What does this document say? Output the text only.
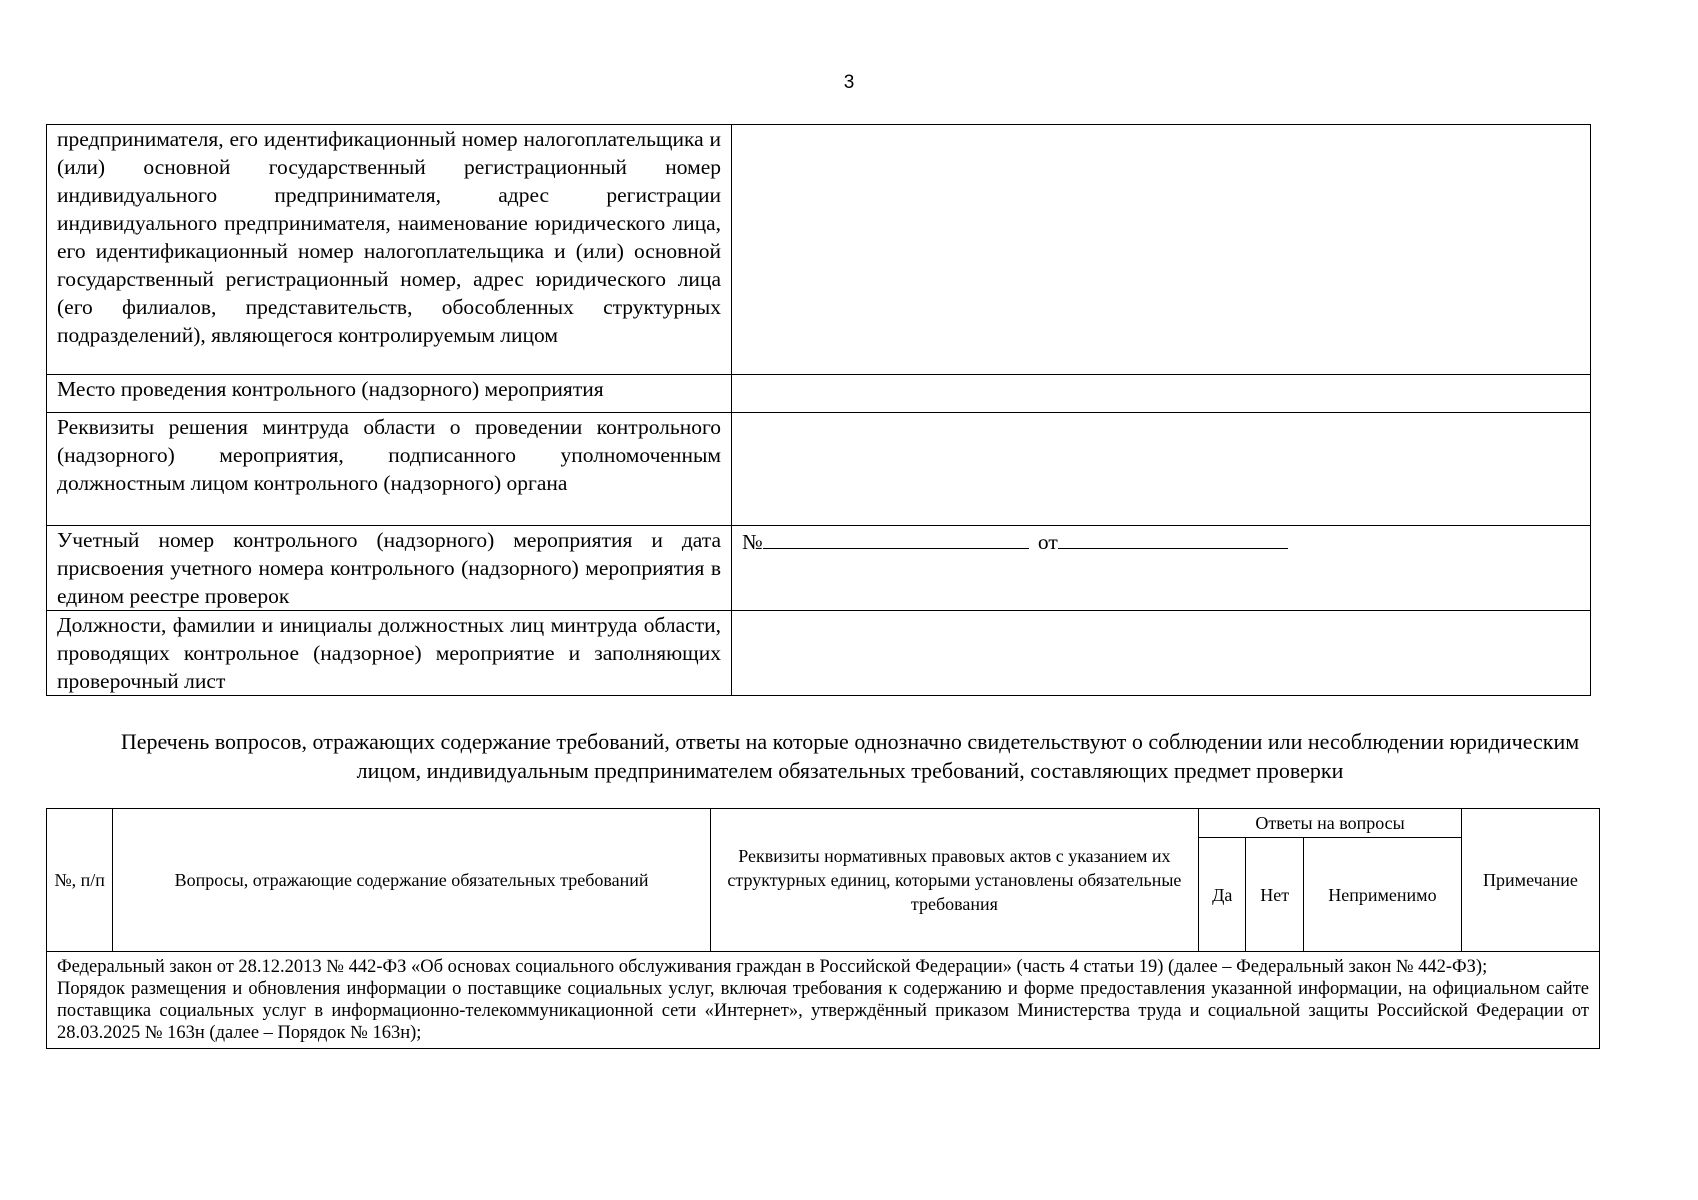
3
предпринимателя, его идентификационный номер налогоплательщика и (или) основной государственный регистрационный номер индивидуального предпринимателя, адрес регистрации индивидуального предпринимателя, наименование юридического лица, его идентификационный номер налогоплательщика и (или) основной государственный регистрационный номер, адрес юридического лица (его филиалов, представительств, обособленных структурных подразделений), являющегося контролируемым лицом	
Место проведения контрольного (надзорного) мероприятия	
Реквизиты решения минтруда области о проведении контрольного (надзорного) мероприятия, подписанного уполномоченным должностным лицом контрольного (надзорного) органа	
Учетный номер контрольного (надзорного) мероприятия и дата присвоения учетного номера контрольного (надзорного) мероприятия в едином реестре проверок	№ от
Должности, фамилии и инициалы должностных лиц минтруда области, проводящих контрольное (надзорное) мероприятие и заполняющих проверочный лист	
Перечень вопросов, отражающих содержание требований, ответы на которые однозначно свидетельствуют о соблюдении или несоблюдении юридическим лицом, индивидуальным предпринимателем обязательных требований, составляющих предмет проверки
№, п/п	Вопросы, отражающие содержание обязательных требований	Реквизиты нормативных правовых актов с указанием их структурных единиц, которыми установлены обязательные требования	Ответы на вопросы			Примечание
			Да	Нет	Неприменимо	

Федеральный закон от 28.12.2013 № 442-ФЗ «Об основах социального обслуживания граждан в Российской Федерации» (часть 4 статьи 19) (далее – Федеральный закон № 442-ФЗ);

Порядок размещения и обновления информации о поставщике социальных услуг, включая требования к содержанию и форме предоставления указанной информации, на официальном сайте поставщика социальных услуг в информационно-телекоммуникационной сети «Интернет», утверждённый приказом Министерства труда и социальной защиты Российской Федерации от 28.03.2025 № 163н (далее – Порядок № 163н);						
